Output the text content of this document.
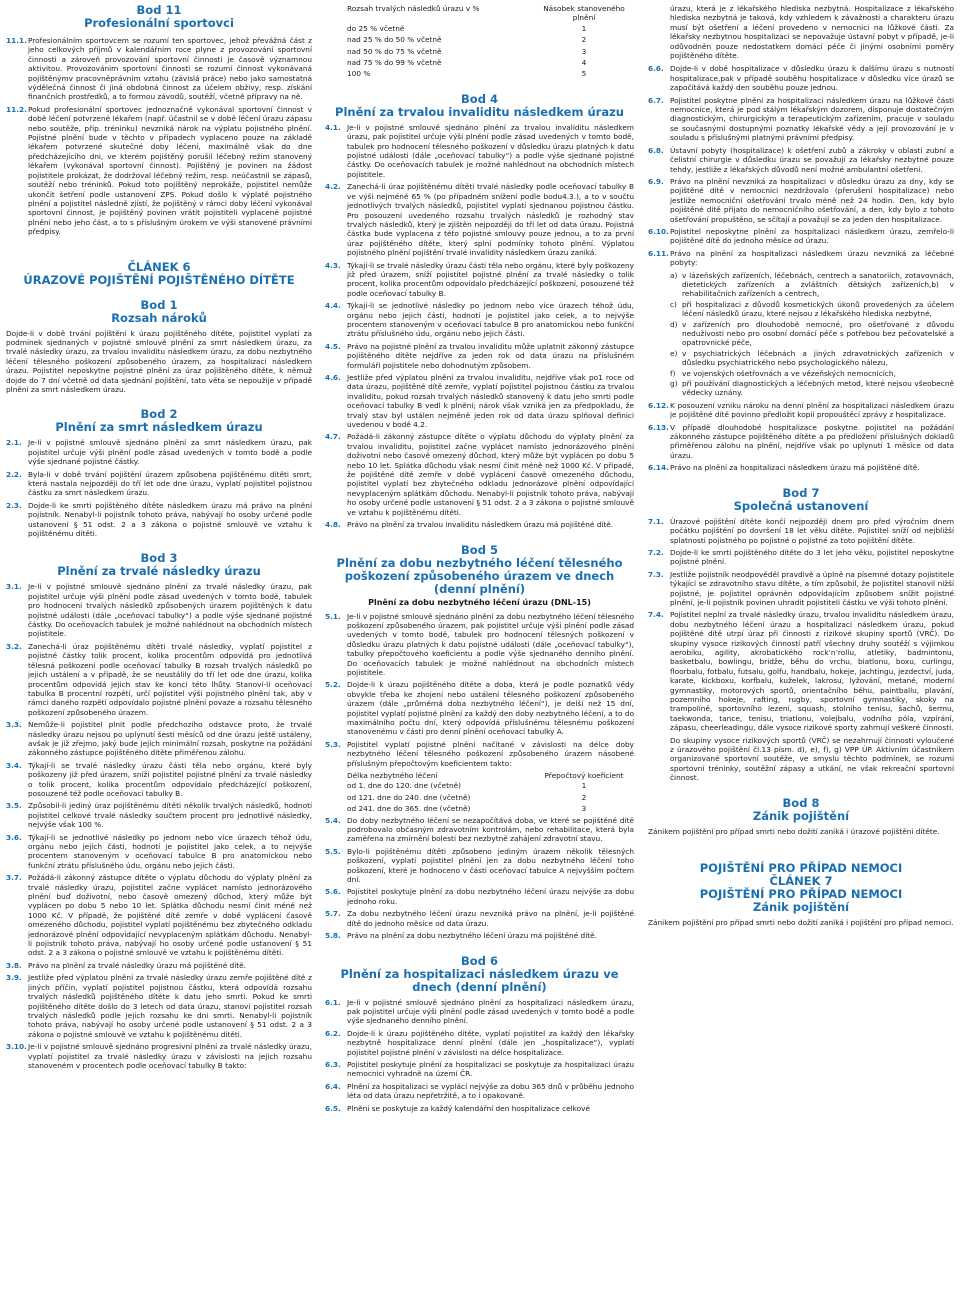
Bod 11
Profesionální sportovci
11.1. Profesionálním sportovcem se rozumí ten sportovec, jehož převážná část z jeho celkových příjmů v kalendářním roce plyne z provozování sportovní činnosti a zároveň provozování sportovní činnosti je časově významnou aktivitou. Provozovánim sportovní činnosti se rozumí činnost vykonávaná pojištěnýmv pracovněprávním vztahu (závislá práce) nebo jako samostatná výdělečná činnost či jiná obdobná činnost za účelem obživy, resp. získání finančních prostředků, a to formou závodů, soutěží, včetně přípravy na ně.
11.2. Pokud profesionální sportovec jednoznačně vykonával sportovní činnost v době léčení potvrzené lékařem (např. účastnil se v době léčení úrazu zápasu nebo soutěže, příp. tréninku) nevzniká nárok na výplatu pojistného plnění. Pojistné plnění bude v těchto v případech vyplaceno pouze na základě lékařem potvrzené skutečné doby léčení, maximálně však do dne předcházejícího dni, ve kterém pojištěný porušil léčebný režim stanovený lékařem (vykonával sportovní činnost). Pojištěný je povinen na žádost pojistitele prokázat, že dodržoval léčebný režim, resp. neúčastnil se zápasů, soutěží nebo tréninků. Pokud toto pojištěný neprokáže, pojistitel nemůže ukončit šetření podle ustanovení ZPS. Pokud došlo k výplatě pojistného plnění a pojistitel následně zjistí, že pojištěný v rámci doby léčení vykonával sportovní činnost, je pojištěný povinen vrátit pojistiteli vyplacené pojistné plnění nebo jeho část, a to s příslušným úrokem ve výši stanovené právními předpisy.
ČLÁNEK 6
ÚRAZOVÉ POJIŠTĚNÍ POJIŠTĚNÉHO DÍTĚTE
Bod 1
Rozsah nároků

Dojde-li v době trvání pojištění k úrazu pojištěného dítěte, pojistitel vyplatí za podmínek sjednaných v pojistné smlouvě plnění za smrt následkem úrazu, za trvalé následky úrazu, za trvalou invaliditu následkem úrazu, za dobu nezbytného léčení tělesného poškození způsobeného úrazem, za hospitalizaci následkem úrazu. Pojistitel neposkytne pojistné plnění za úraz pojištěného dítěte, k němuž dojde do 7 dní včetně od data sjednání pojištění, tato věta se nepoužije v případě plnění za smrt následkem úrazu.

Bod 2
Plnění za smrt následkem úrazu
2.1. Je-li v pojistné smlouvě sjednáno plnění za smrt následkem úrazu, pak pojistitel určuje výši plnění podle zásad uvedených v tomto bodě a podle výše sjednané pojistné částky.
2.2. Byla-li v době trvání pojištění úrazem způsobena pojištěnému dítěti smrt, která nastala nejpozději do tří let ode dne úrazu, vyplatí pojistitel pojistnou částku za smrt následkem úrazu.
2.3. Dojde-li ke smrti pojištěného dítěte následkem úrazu má právo na plnění pojistník. Nenabyl-li pojistník tohoto práva, nabývají ho osoby určené podle ustanovení § 51 odst. 2 a 3 zákona o pojistné smlouvě ve vztahu k pojištěnému dítěti.
Bod 3
Plnění za trvalé následky úrazu
3.1. Je-li v pojistné smlouvě sjednáno plnění za trvalé následky úrazu, pak pojistitel určuje výši plnění podle zásad uvedených v tomto bodě, tabulek pro hodnocení trvalých následků způsobených úrazem pojištěných k datu pojistné události (dále „oceňovací tabulky“) a podle výše sjednané pojistné částky. Do oceňovacích tabulek je možné nahlédnout na obchodních místech pojistitele.
3.2. Zanechá-li úraz pojištěnému dítěti trvalé následky, vyplatí pojistitel z pojistné částky tolik procent, kolika procentům odpovídá pro jednotlivá tělesná poškození podle oceňovací tabulky B rozsah trvalých následků po jejich ustálení a v případě, že se neustálily do tří let ode dne úrazu, kolika procentům odpovídá jejich stav ke konci této lhůty. Stanoví-li oceňovací tabulka B procentní rozpětí, určí pojistitel výši pojistného plnění tak, aby v rámci daného rozpětí odpovídalo pojistné plnění povaze a rozsahu tělesného poškození způsobeného úrazem.
3.3. Nemůže-li pojistitel plnit podle předchozího odstavce proto, že trvalé následky úrazu nejsou po uplynutí šesti měsíců od dne úrazu ještě ustáleny, avšak je již zřejmo, jaký bude jejich minimální rozsah, poskytne na požádání zákonného zástupce pojištěného dítěte přiměřenou zálohu.
3.4. Týkají-li se trvalé následky úrazu části těla nebo orgánu, které byly poškozeny již před úrazem, sníží pojistitel pojistné plnění za trvalé následky o tolik procent, kolika procentům odpovídalo předcházející poškození, posouzené též podle oceňovací tabulky B.
3.5. Způsobil-li jediný úraz pojištěnému dítěti několik trvalých následků, hodnotí pojistitel celkové trvalé následky součtem procent pro jednotlivé následky, nejvýše však 100 %.
3.6. Týkají-li se jednotlivé následky po jednom nebo více úrazech téhož údu, orgánu nebo jejich části, hodnotí je pojistitel jako celek, a to nejvýše procentem stanoveným v oceňovací tabulce B pro anatomickou nebo funkční ztrátu příslušného údu, orgánu nebo jejich části.
3.7. Požádá-li zákonný zástupce dítěte o výplatu důchodu do výplaty plnění za trvalé následky úrazu, pojistitel začne vyplácet namísto jednorázového plnění buď doživotní, nebo časově omezený důchod, který může být vyplácen po dobu 5 nebo 10 let. Splátka důchodu nesmí činit méně než 1000 Kč. V případě, že pojištěné dítě zemře v době vyplácení časově omezeného důchodu, pojistitel vyplatí pojištěnému bez zbytečného odkladu jednorázové plnění odpovídající nevyplaceným splátkám důchodu. Nenabyl-li pojistník tohoto práva, nabývají ho osoby určené podle ustanovení § 51 odst. 2 a 3 zákona o pojistné smlouvě ve vztahu k pojištěnému dítěti.
3.8. Právo na plnění za trvalé následky úrazu má pojištěné dítě.
3.9. Jestliže před výplatou plnění za trvalé následky úrazu zemře pojištěné dítě z jiných příčin, vyplatí pojistitel pojistnou částku, která odpovídá rozsahu trvalých následků pojištěného dítěte k datu jeho smrti. Pokud ke smrti pojištěného dítěte došlo do 3 letech od data úrazu, stanoví pojistitel rozsah trvalých následků podle jejich rozsahu ke dni smrti. Nenabyl-li pojistník tohoto práva, nabývají ho osoby určené podle ustanovení § 51 odst. 2 a 3 zákona o pojistné smlouvě ve vztahu k pojištěnému dítěti.
3.10. Je-li v pojistné smlouvě sjednáno progresivní plnění za trvalé následky úrazu, vyplatí pojistitel za trvalé následky úrazu v závislosti na jejich rozsahu stanoveném v procentech podle oceňovací tabulky B takto:
Rozsah trvalých následků úrazu v %	Násobek stanoveného plnění
do 25 % včetně	1
nad 25 % do 50 % včetně	2
nad 50 % do 75 % včetně	3
nad 75 % do 99 % včetně	4
100 %	5
Bod 4
Plnění za trvalou invaliditu následkem úrazu
4.1. Je-li v pojistné smlouvě sjednáno plnění za trvalou invaliditu následkem úrazu, pak pojistitel určuje výši plnění podle zásad uvedených v tomto bodě, tabulek pro hodnocení tělesného poškození v důsledku úrazu platných k datu pojistné události (dále „oceňovací tabulky“) a podle výše sjednané pojistné částky. Do oceňovacích tabulek je možné nahlédnout na obchodních místech pojistitele.
4.2. Zanechá-li úraz pojištěnému dítěti trvalé následky podle oceňovací tabulky B ve výši nejméně 65 % (po případném snížení podle bodu4.3.), a to v součtu jednotlivých trvalých následků, pojistitel vyplatí sjednanou pojistnou částku. Pro posouzení uvedeného rozsahu trvalých následků je rozhodný stav trvalých následků, který je zjištěn nejpozději do tří let od data úrazu. Pojistná částka bude vyplacena z této pojistné smlouvy pouze jednou, a to za první úraz pojištěného dítěte, který splní podmínky tohoto plnění. Výplatou pojistného plnění pojištění trvalé invalidity následkem úrazu zaniká.
4.3. Týkají-li se trvalé následky úrazu části těla nebo orgánu, které byly poškozeny již před úrazem, sníží pojistitel pojistné plnění za trvalé následky o tolik procent, kolika procentům odpovídalo předcházející poškození, posouzené též podle oceňovací tabulky B.
4.4. Týkají-li se jednotlivé následky po jednom nebo více úrazech téhož údu, orgánu nebo jejich části, hodnotí je pojistitel jako celek, a to nejvýše procentem stanoveným v oceňovací tabulce B pro anatomickou nebo funkční ztrátu příslušného údu, orgánu nebo jejich části.
4.5. Právo na pojistné plnění za trvalou invaliditu může uplatnit zákonný zástupce pojištěného dítěte nejdříve za jeden rok od data úrazu na příslušném formuláři pojistitele nebo dohodnutým způsobem.
4.6. Jestliže před výplatou plnění za trvalou invaliditu, nejdříve však po1 roce od data úrazu, pojištěné dítě zemře, vyplatí pojistitel pojistnou částku za trvalou invaliditu, pokud rozsah trvalých následků stanovený k datu jeho smrti podle oceňovací tabulky B vedl k plnění; nárok však vzniká jen za předpokladu, že trvalý stav byl ustálen nejméně jeden rok od data úrazu splňoval definici uvedenou v bodě 4.2.
4.7. Požádá-li zákonný zástupce dítěte o výplatu důchodu do výplaty plnění za trvalou invaliditu, pojistitel začne vyplácet namísto jednorázového plnění doživotní nebo časově omezený důchod, který může být vyplácen po dobu 5 nebo 10 let. Splátka důchodu však nesmí činit méně než 1000 Kč. V případě, že pojištěné dítě zemře v době vyplácení časově omezeného důchodu, pojistitel vyplatí bez zbytečného odkladu jednorázové plnění odpovídající nevyplaceným splátkám důchodu. Nenabyl-li pojistník tohoto práva, nabývají ho osoby určené podle ustanovení § 51 odst. 2 a 3 zákona o pojistné smlouvě ve vztahu k pojištěnému dítěti.
4.8. Právo na plnění za trvalou invaliditu následkem úrazu má pojištěné dítě.
Bod 5
Plnění za dobu nezbytného léčení tělesného poškození způsobeného úrazem ve dnech (denní plnění)
Plnění za dobu nezbytného léčení úrazu (DNL-15)
5.1. Je-li v pojistné smlouvě sjednáno plnění za dobu nezbytného léčení tělesného poškození způsobeného úrazem, pak pojistitel určuje výši plnění podle zásad uvedených v tomto bodě, tabulek pro hodnocení tělesných poškození v důsledku úrazu platných k datu pojistné události (dále „oceňovací tabulky“), tabulky přepočtového koeficientu a podle výše sjednaného denního plnění. Do oceňovacích tabulek je možné nahlédnout na obchodních místech pojistitele.
5.2. Dojde-li k úrazu pojištěného dítěte a doba, která je podle poznatků vědy obvykle třeba ke zhojení nebo ustálení tělesného poškození způsobeného úrazem (dále „průměrná doba nezbytného léčení“), je delší než 15 dní, pojistitel vyplatí pojistné plnění za každý den doby nezbytného léčení, a to do maximálního počtu dní, který odpovídá příslušnému tělesnému poškození stanovenému v části pro denní plnění oceňovací tabulky A.
5.3. Pojistitel vyplatí pojistné plnění načítané v závislosti na délce doby nezbytného léčení tělesného poškození způsobeného úrazem násobené příslušným přepočtovým koeficientem takto:
Délka nezbytného léčení	Přepočtový koeficient
od 1. dne do 120. dne (včetně)	1
od 121. dne do 240. dne (včetně)	2
od 241. dne do 365. dne (včetně)	3
5.4. Do doby nezbytného léčení se nezapočítává doba, ve které se pojištěné dítě podrobovalo občasným zdravotním kontrolám, nebo rehabilitace, která byla zaměřena na zmírnění bolesti bez nezbytně zahájení zdravotní stavu.
5.5. Bylo-li pojištěnému dítěti způsobeno jediným úrazem několik tělesných poškození, vyplatí pojistitel plnění jen za dobu nezbytného léčení toho poškození, které je hodnoceno v části oceňovací tabulce A nejvyšším počtem dní.
5.6. Pojistitel poskytuje plnění za dobu nezbytného léčení úrazu nejvýše za dobu jednoho roku.
5.7. Za dobu nezbytného léčení úrazu nevzniká právo na plnění, je-li pojištěné dítě do jednoho měsíce od data úrazu.
5.8. Právo na plnění za dobu nezbytného léčení úrazu má pojištěné dítě.
Bod 6
Plnění za hospitalizaci následkem úrazu ve dnech (denní plnění)
6.1. Je-li v pojistné smlouvě sjednáno plnění za hospitalizaci následkem úrazu, pak pojistitel určuje výši plnění podle zásad uvedených v tomto bodě a podle výše sjednaného denního plnění.
6.2. Dojde-li k úrazu pojištěného dítěte, vyplatí pojistitel za každý den lékařsky nezbytně hospitalizace denní plnění (dále jen „hospitalizace“), vyplatí pojistitel pojistné plnění v závislosti na délce hospitalizace.
6.3. Pojistitel poskytuje plnění za hospitalizaci se poskytuje za hospitalizaci úrazu nemocnici vyhradně na území ČR.
6.4. Plnění za hospitalizaci se vyplácí nejvýše za dobu 365 dnů v průběhu jednoho léta od data úrazu nepřetržitě, a to i opakovaně.
6.5. Plnění se poskytuje za každý kalendářní den hospitalizace celkové

úrazu, která je z lékařského hlediska nezbytná. Hospitalizace z lékařského hlediska nezbytná je taková, kdy vzhledem k závažnosti a charakteru úrazu musí být ošetření a léčení provedeno v nemocnici na lůžkové části. Za lékařsky nezbytnou hospitalizaci se nepovažuje ústavní pobyt v případě, je-li odůvodněn pouze nedostatkem domácí péče či jinými osobními poměry pojištěného dítěte.

6.6. Dojde-li v době hospitalizace v důsledku úrazu k dalšímu úrazu s nutností hospitalizace,pak v případě souběhu hospitalizace v důsledku více úrazů se započítává každý den souběhu pouze jednou.
6.7. Pojistitel poskytne plnění za hospitalizaci následkem úrazu na lůžkové části nemocnice, která je pod stálým lékařským dozorem, disponuje dostatečným diagnostickým, chirurgickým a terapeutickým zařízením, pracuje v souladu se současnými dostupnými poznatky lékařské vědy a její provozování je v souladu s příslušnými platnými právními předpisy.
6.8. Ústavní pobyty (hospitalizace) k ošetření zubů a zákroky v oblasti zubní a čelistní chirurgie v důsledku úrazu se považují za lékařsky nezbytné pouze tehdy, jestliže z lékařských důvodů není možné ambulantní ošetření.
6.9. Právo na plnění nevzniká za hospitalizaci v důsledku úrazu za dny, kdy se pojištěné dítě v nemocnici nezdržovalo (přerušení hospitalizace) nebo jestliže nemocniční ošetřování trvalo méně než 24 hodin. Den, kdy bylo pojištěné dítě přijato do nemocničního ošetřování, a den, kdy bylo z tohoto ošetřování propuštěno, se sčítají a považují se za jeden den hospitalizace.
6.10. Pojistitel neposkytne plnění za hospitalizaci následkem úrazu, zemřelo-li pojištěné dítě do jednoho měsíce od úrazu.
6.11. Právo na plnění za hospitalizaci následkem úrazu nevzniká za léčebné pobyty:
a) v lázeňských zařízeních, léčebnách, centrech a sanatoriích, zotavovnách, dietetických zařízeních a zvláštních dětských zařízeních,b) v rehabilitačních zařízeních a centrech,
c) při hospitalizaci z důvodů kosmetických úkonů provedených za účelem léčení následků úrazu, které nejsou z lékařského hlediska nezbytné,
d) v zařízeních pro dlouhodobě nemocné, pro ošetřované z důvodu neduživosti nebo pro osobní domácí péče s potřebou bez pečovatelské a opatrovnické péče,
e) v psychiatrických léčebnách a jiných zdravotnických zařízeních v důsledku psychiatrického nebo psychologického nálezu,
f) ve vojenských ošetřovnách a ve vězeňských nemocnicích,
g) při používání diagnostických a léčebných metod, které nejsou všeobecně vědecky uznány.
6.12. K posouzení vzniku nároku na denní plnění za hospitalizaci následkem úrazu je pojištěné dítě povinno předložit kopii propouštěcí zprávy z hospitalizace.
6.13. V případě dlouhodobé hospitalizace poskytne pojistitel na požádání zákonného zástupce pojištěného dítěte a po předložení příslušných dokladů přiměřenou zálohu na plnění, nejdříve však po uplynutí 1 měsíce od data úrazu.
6.14. Právo na plnění za hospitalizaci následkem úrazu má pojištěné dítě.
Bod 7
Společná ustanovení
7.1. Úrazové pojištění dítěte končí nejpozději dnem pro před výročním dnem počátku pojištění po dovršení 18 let věku dítěte. Pojistitel sníží od nejbližší splatnosti pojistného po pojistné o pojistné za toto pojištění dítěte.
7.2. Dojde-li ke smrti pojištěného dítěte do 3 let jeho věku, pojistitel neposkytne pojistné plnění.
7.3. Jestliže pojistník neodpověděl pravdivě a úplně na písemné dotazy pojistitele týkající se zdravotního stavu dítěte, a tím způsobil, že pojistitel stanovil nižší pojistné, je pojistitel oprávněn odpovídajícím způsobem snížit pojistné plnění, je-li pojistník povinen uhradit pojistiteli částku ve výši tohoto plnění.
7.4. Pojistitel neplní za trvalé následky úrazu, trvalou invaliditu následkem úrazu, dobu nezbytného léčení úrazu a hospitalizaci následkem úrazu, pokud pojištěné dítě utrpí úraz při činnosti z rizikové skupiny sportů (VRČ). Do skupiny vysoce rizikových činností patří všechny druhy soutěží s výjimkou aerobiku, agility, akrobatického rock’n’rollu, atletiky, badmintonu, basketbalu, bowlingu, bridže, běhu do vrchu, biatlonu, boxu, curlingu, floorbalu, fotbalu, futsalu, golfu, handbalu, hokeje, jachtingu, jezdectví, juda, karate, kickboxu, korfbalu, kuželek, lakrosu, lyžování, metané, moderní gymnastiky, motorových sportů, orientačního běhu, paintballu, plavání, pozemního hokeje, rafting, rugby, sportovní gymnastiky, skoky na trampolíně, sportovního lezení, squash, stolního tenisu, šachů, šermu, taekwonda, tance, tenisu, triatlonu, volejbalu, vodního póla, vzpírání, zápasu, cheerleadingu, dále vysoce rizikové sporty zahrnují veškeré činnosti.

Do skupiny vysoce rizikových sportů (VRČ) se nezahrnují činnosti vyloučené z úrazového pojištění čl.13 písm. d), e), f), g) VPP ÚP. Aktivním účastníkem organizované sportovní soutěže, ve smyslu těchto podmínek, se rozumí sportovní tréninky, soutěžní zápasy a utkání, ne však rekreační sportovní činnost.

Bod 8
Zánik pojištění

Zánikem pojištění pro případ smrti nebo dožití zaniká i úrazové pojištění dítěte.

POJIŠTĚNÍ PRO PŘÍPAD NEMOCI
ČLÁNEK 7
POJIŠTĚNÍ PRO PŘÍPAD NEMOCI
Zánik pojištění

Zánikem pojištění pro případ smrti nebo dožití zaniká i pojištění pro případ nemoci.
